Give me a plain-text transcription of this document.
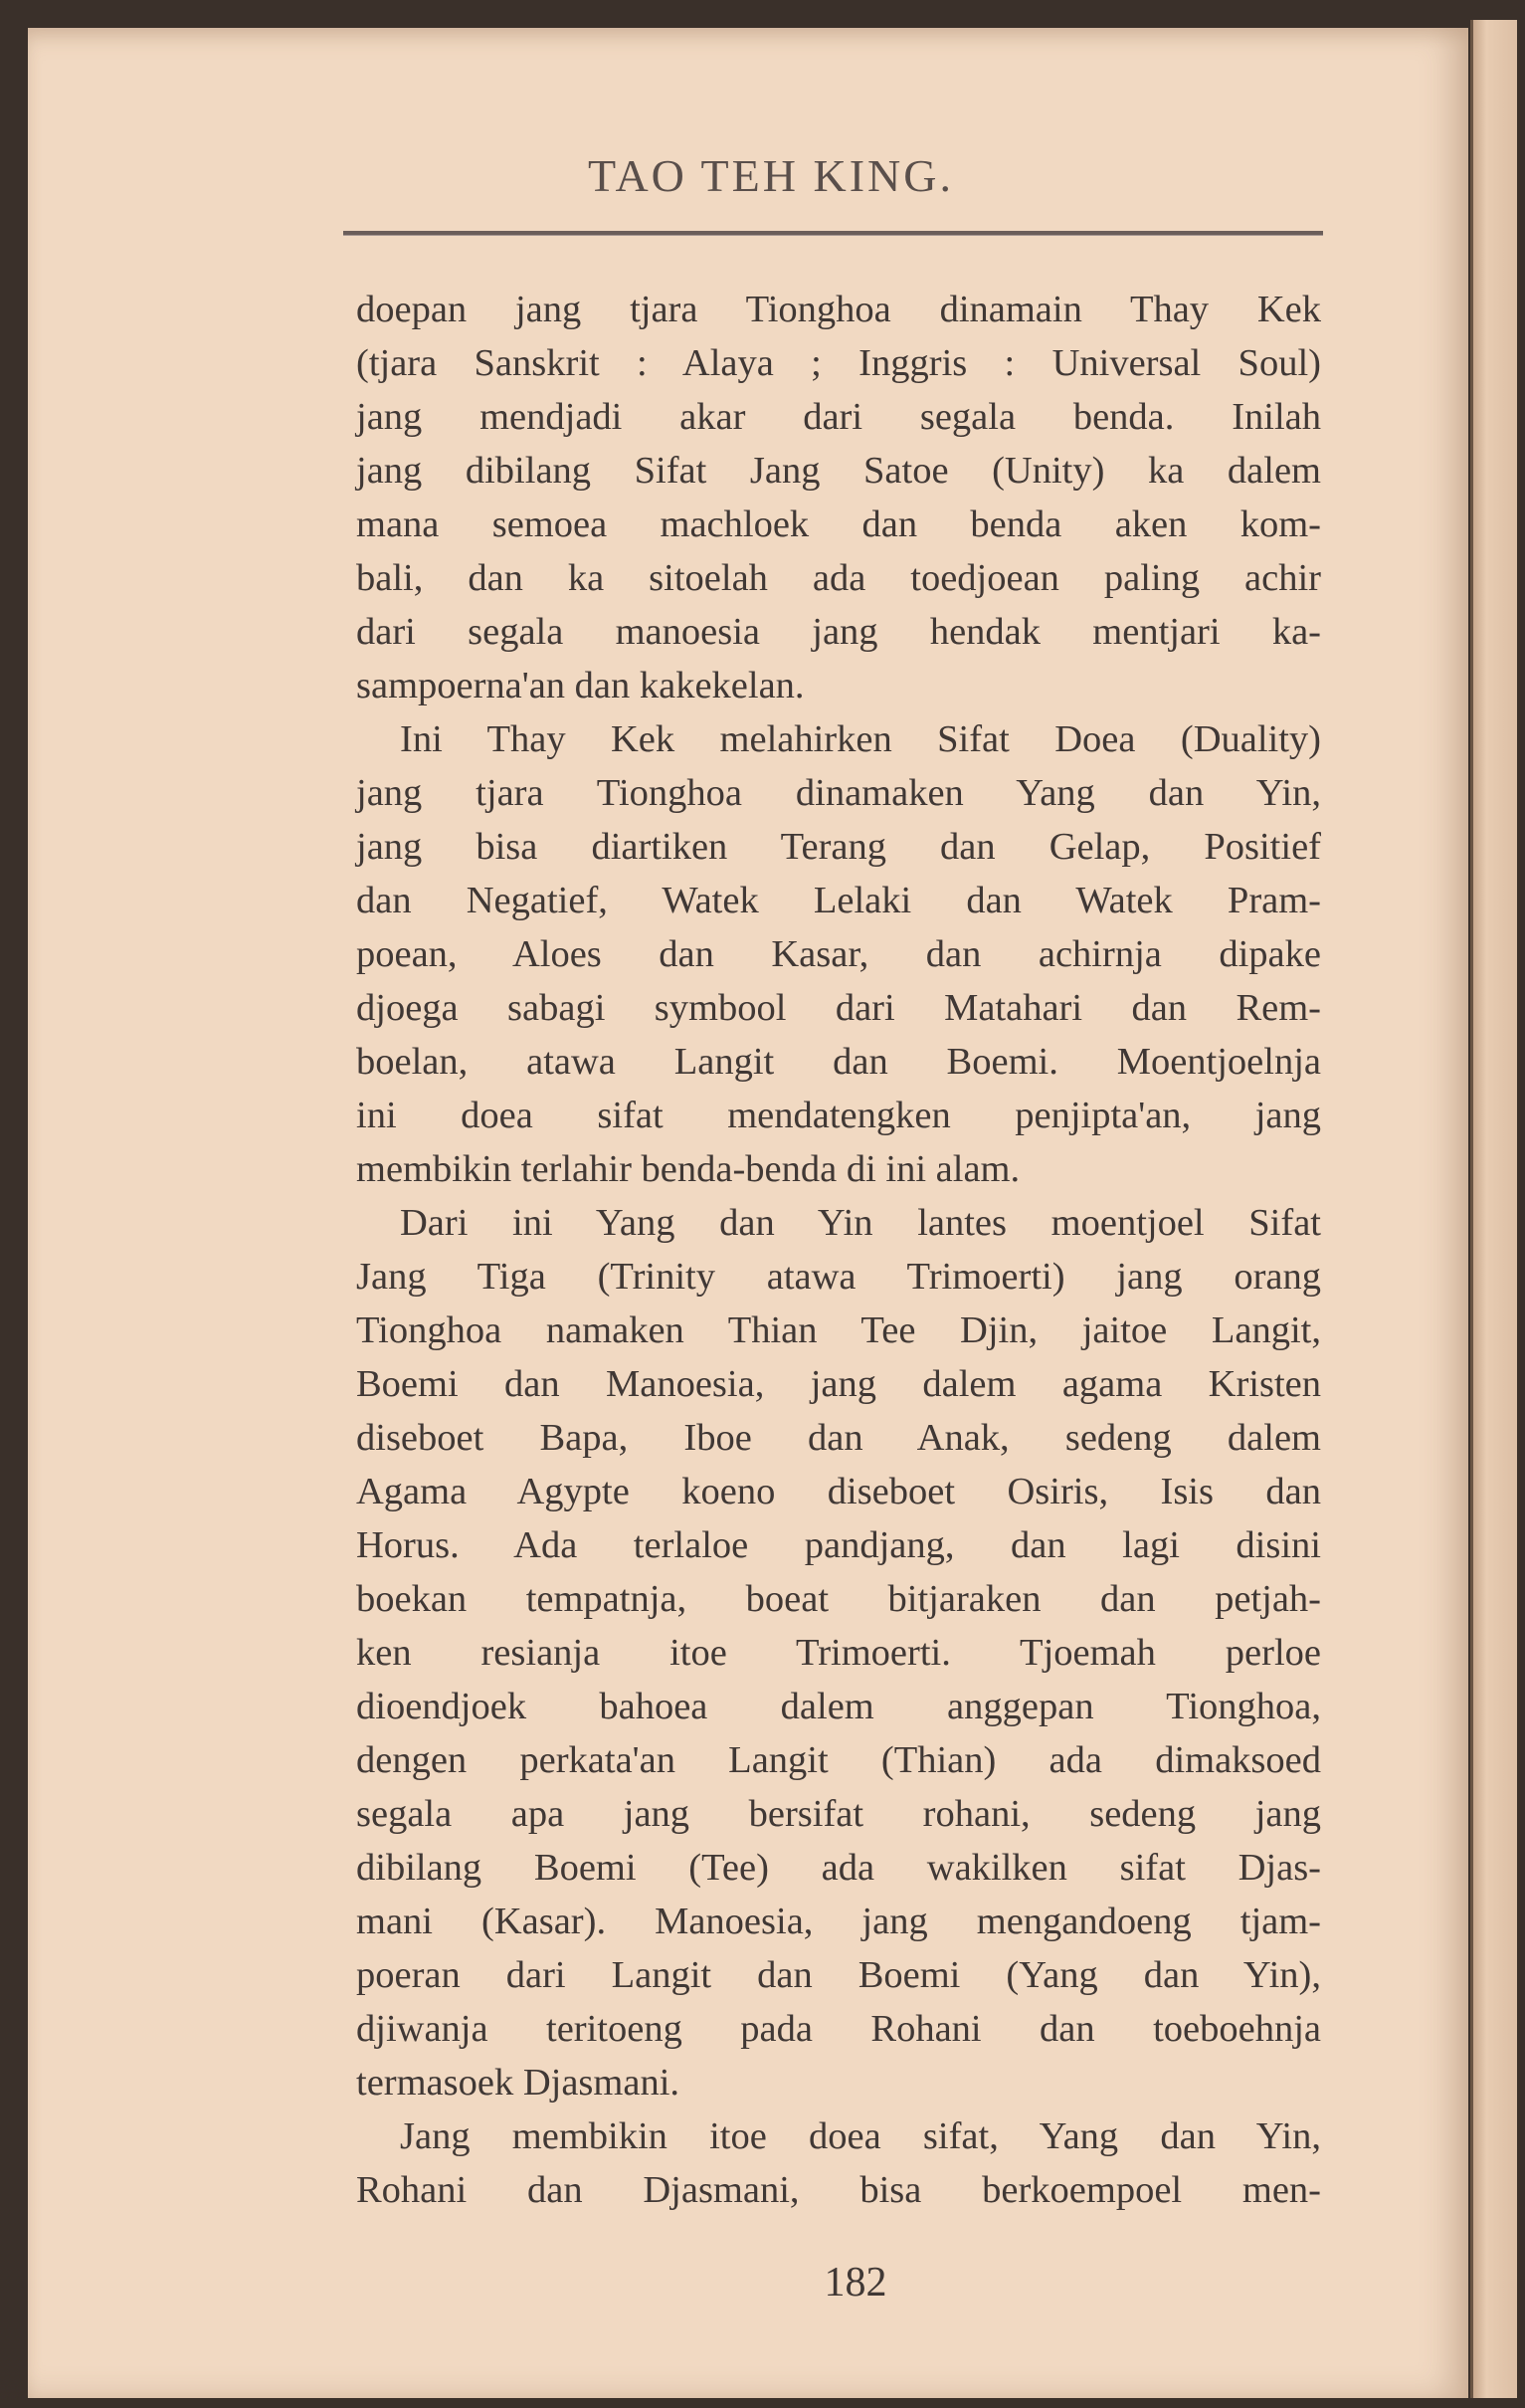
TAO TEH KING.

doepan jang tjara Tionghoa dinamain Thay Kek

(tjara Sanskrit : Alaya ; Inggris : Universal Soul)

jang mendjadi akar dari segala benda. Inilah

jang dibilang Sifat Jang Satoe (Unity) ka dalem

mana semoea machloek dan benda aken kom-

bali, dan ka sitoelah ada toedjoean paling achir

dari segala manoesia jang hendak mentjari ka-

sampoerna'an dan kakekelan.

Ini Thay Kek melahirken Sifat Doea (Duality)

jang tjara Tionghoa dinamaken Yang dan Yin,

jang bisa diartiken Terang dan Gelap, Positief

dan Negatief, Watek Lelaki dan Watek Pram-

poean, Aloes dan Kasar, dan achirnja dipake

djoega sabagi symbool dari Matahari dan Rem-

boelan, atawa Langit dan Boemi. Moentjoelnja

ini doea sifat mendatengken penjipta'an, jang

membikin terlahir benda-benda di ini alam.

Dari ini Yang dan Yin lantes moentjoel Sifat

Jang Tiga (Trinity atawa Trimoerti) jang orang

Tionghoa namaken Thian Tee Djin, jaitoe Langit,

Boemi dan Manoesia, jang dalem agama Kristen

diseboet Bapa, Iboe dan Anak, sedeng dalem

Agama Agypte koeno diseboet Osiris, Isis dan

Horus. Ada terlaloe pandjang, dan lagi disini

boekan tempatnja, boeat bitjaraken dan petjah-

ken resianja itoe Trimoerti. Tjoemah perloe

dioendjoek bahoea dalem anggepan Tionghoa,

dengen perkata'an Langit (Thian) ada dimaksoed

segala apa jang bersifat rohani, sedeng jang

dibilang Boemi (Tee) ada wakilken sifat Djas-

mani (Kasar). Manoesia, jang mengandoeng tjam-

poeran dari Langit dan Boemi (Yang dan Yin),

djiwanja teritoeng pada Rohani dan toeboehnja

termasoek Djasmani.

Jang membikin itoe doea sifat, Yang dan Yin,

Rohani dan Djasmani, bisa berkoempoel men-

182
